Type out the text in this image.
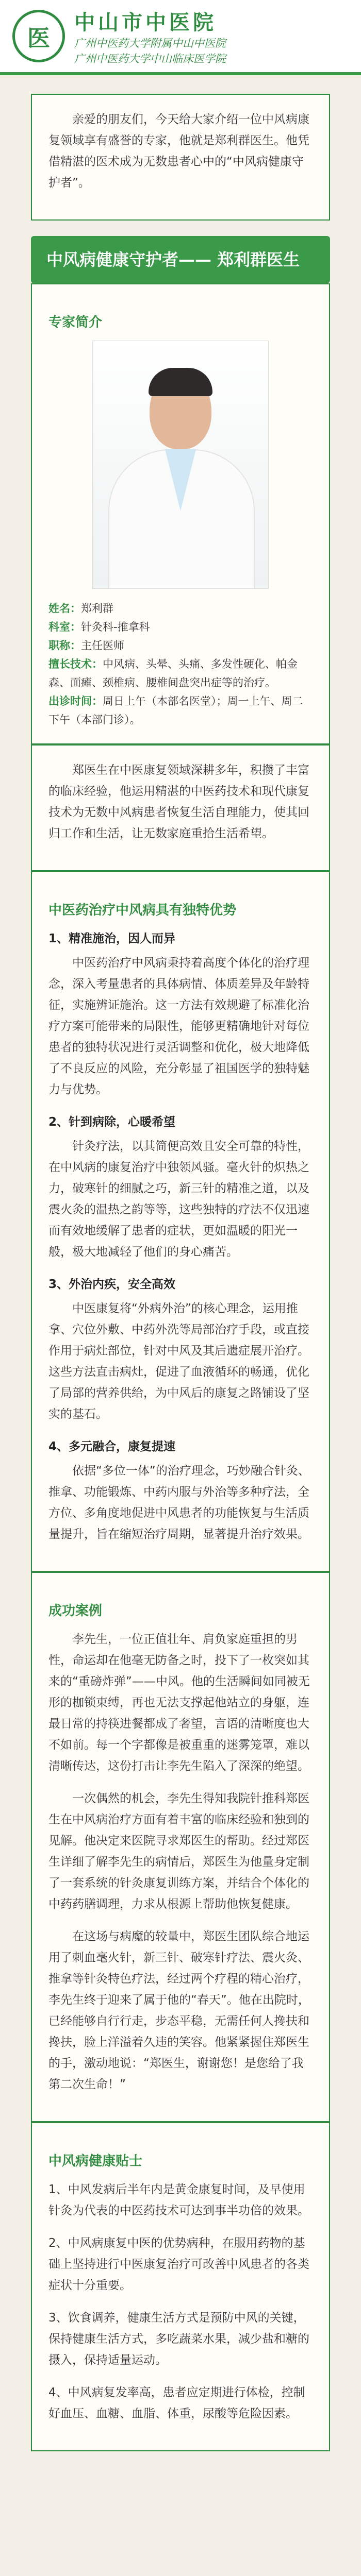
医
中山市中医院
广州中医药大学附属中山中医院
广州中医药大学中山临床医学院

亲爱的朋友们，今天给大家介绍一位中风病康复领域享有盛誉的专家，他就是郑利群医生。他凭借精湛的医术成为无数患者心中的“中风病健康守护者”。

中风病健康守护者—— 郑利群医生
专家简介
姓名：郑利群
科室：针灸科-推拿科
职称：主任医师
擅长技术：中风病、头晕、头痛、多发性硬化、帕金森、面瘫、颈椎病、腰椎间盘突出症等的治疗。
出诊时间：周日上午（本部名医堂）；周一上午、周二下午（本部门诊）。

郑医生在中医康复领域深耕多年，积攒了丰富的临床经验，他运用精湛的中医药技术和现代康复技术为无数中风病患者恢复生活自理能力，使其回归工作和生活，让无数家庭重拾生活希望。

中医药治疗中风病具有独特优势
1、精准施治，因人而异

中医药治疗中风病秉持着高度个体化的治疗理念，深入考量患者的具体病情、体质差异及年龄特征，实施辨证施治。这一方法有效规避了标准化治疗方案可能带来的局限性，能够更精确地针对每位患者的独特状况进行灵活调整和优化，极大地降低了不良反应的风险，充分彰显了祖国医学的独特魅力与优势。

2、针到病除，心暖希望

针灸疗法，以其简便高效且安全可靠的特性，在中风病的康复治疗中独领风骚。毫火针的炽热之力，破寒针的细腻之巧，新三针的精准之道，以及震火灸的温热之韵等等，这些独特的疗法不仅迅速而有效地缓解了患者的症状，更如温暖的阳光一般，极大地减轻了他们的身心痛苦。

3、外治内疾，安全高效

中医康复将“外病外治”的核心理念，运用推拿、穴位外敷、中药外洗等局部治疗手段，或直接作用于病灶部位，针对中风及其后遗症展开治疗。这些方法直击病灶，促进了血液循环的畅通，优化了局部的营养供给，为中风后的康复之路铺设了坚实的基石。

4、多元融合，康复提速

依据“多位一体”的治疗理念，巧妙融合针灸、推拿、功能锻炼、中药内服与外治等多种疗法，全方位、多角度地促进中风患者的功能恢复与生活质量提升，旨在缩短治疗周期，显著提升治疗效果。

成功案例

李先生，一位正值壮年、肩负家庭重担的男性，命运却在他毫无防备之时，投下了一枚突如其来的“重磅炸弹”——中风。他的生活瞬间如同被无形的枷锁束缚，再也无法支撑起他站立的身躯，连最日常的持筷进餐都成了奢望，言语的清晰度也大不如前。每一个字都像是被重重的迷雾笼罩，难以清晰传达，这份打击让李先生陷入了深深的绝望。

一次偶然的机会，李先生得知我院针推科郑医生在中风病治疗方面有着丰富的临床经验和独到的见解。他决定来医院寻求郑医生的帮助。经过郑医生详细了解李先生的病情后，郑医生为他量身定制了一套系统的针灸康复训练方案，并结合个体化的中药药膳调理，力求从根源上帮助他恢复健康。

在这场与病魔的较量中，郑医生团队综合地运用了刺血毫火针，新三针、破寒针疗法、震火灸、推拿等针灸特色疗法，经过两个疗程的精心治疗，李先生终于迎来了属于他的“春天”。他在出院时，已经能够自行行走，步态平稳，无需任何人搀扶和搀扶，脸上洋溢着久违的笑容。他紧紧握住郑医生的手，激动地说：“郑医生，谢谢您！是您给了我第二次生命！”

中风病健康贴士

1、中风发病后半年内是黄金康复时间，及早使用针灸为代表的中医药技术可达到事半功倍的效果。

2、中风病康复中医的优势病种，在服用药物的基础上坚持进行中医康复治疗可改善中风患者的各类症状十分重要。

3、饮食调养，健康生活方式是预防中风的关键，保持健康生活方式，多吃蔬菜水果，减少盐和糖的摄入，保持适量运动。

4、中风病复发率高，患者应定期进行体检，控制好血压、血糖、血脂、体重，尿酸等危险因素。
